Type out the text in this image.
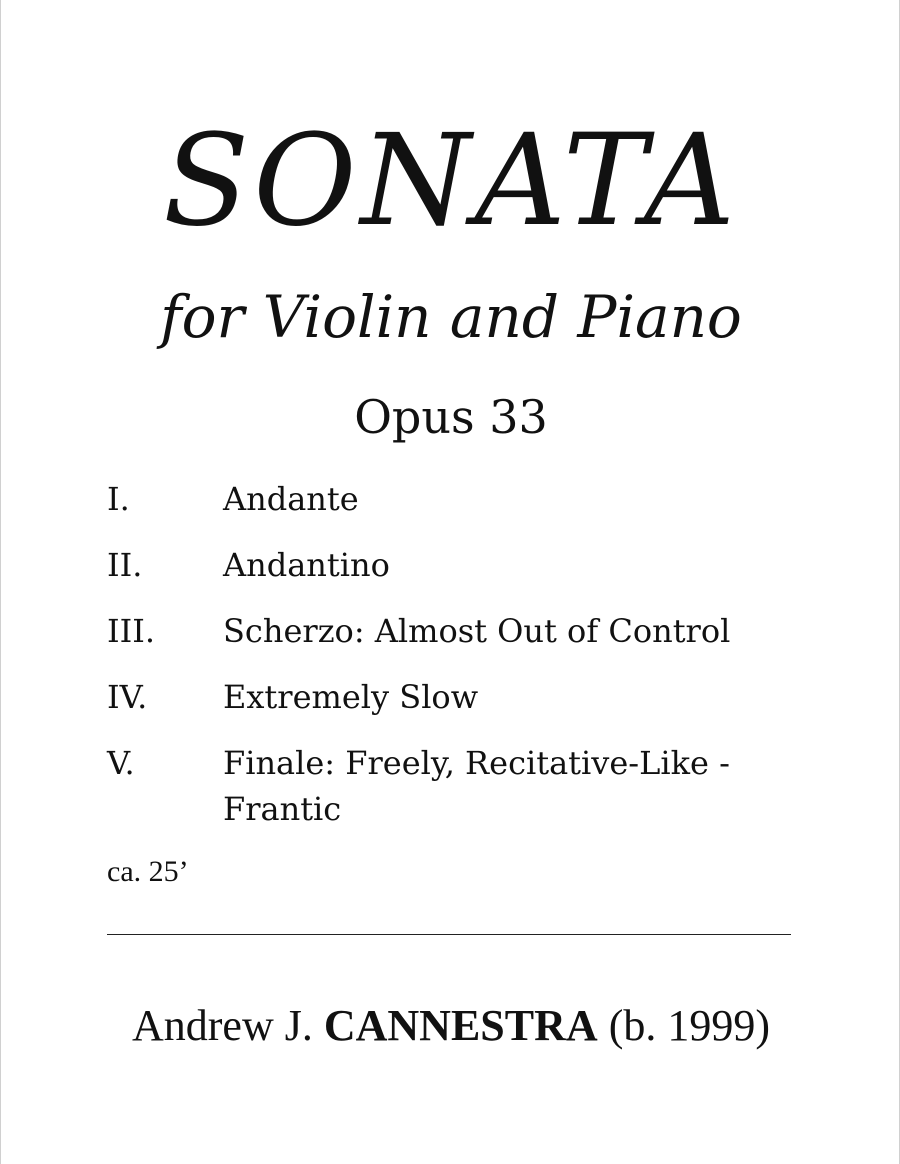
SONATA
for Violin and Piano
Opus 33
I.	Andante
II.	Andantino
III.	Scherzo: Almost Out of Control
IV.	Extremely Slow
V.	Finale: Freely, Recitative-Like - Frantic
ca. 25’
Andrew J. CANNESTRA (b. 1999)
